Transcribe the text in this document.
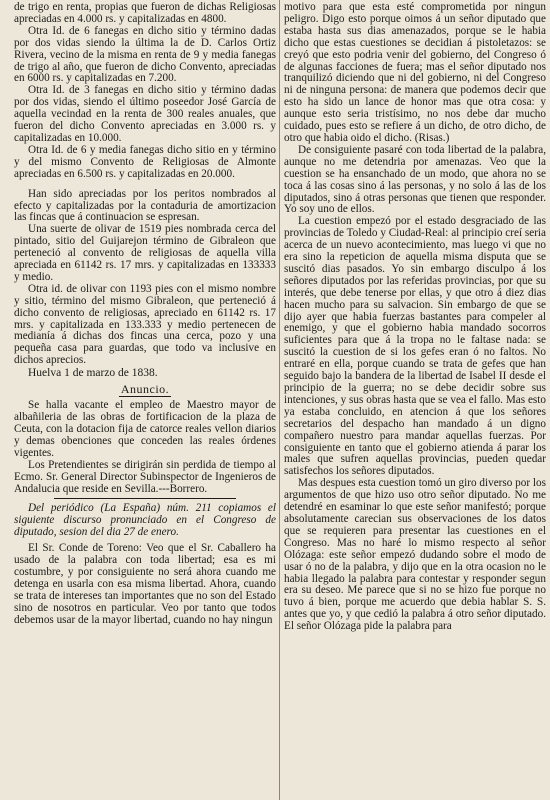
de trigo en renta, propias que fueron de dichas Religiosas apreciadas en 4.000 rs. y capitalizadas en 4800.

Otra Id. de 6 fanegas en dicho sitio y término dadas por dos vidas siendo la última la de D. Carlos Ortiz Rivera, vecino de la misma en renta de 9 y media fanegas de trigo al año, que fueron de dicho Convento, apreciadas en 6000 rs. y capitalizadas en 7.200.

Otra Id. de 3 fanegas en dicho sitio y término dadas por dos vidas, siendo el último poseedor José García de aquella vecindad en la renta de 300 reales anuales, que fueron del dicho Convento apreciadas en 3.000 rs. y capitalizadas en 10.000.

Otra Id. de 6 y media fanegas dicho sitio en y término y del mismo Convento de Religiosas de Almonte apreciadas en 6.500 rs. y capitalizadas en 20.000.

Han sido apreciadas por los peritos nombrados al efecto y capitalizadas por la contaduria de amortizacion las fincas que á continuacion se espresan.

Una suerte de olivar de 1519 pies nombrada cerca del pintado, sitio del Guijarejon término de Gibraleon que perteneció al convento de religiosas de aquella villa apreciada en 61142 rs. 17 mrs. y capitalizadas en 133333 y medio.

Otra id. de olivar con 1193 pies con el mismo nombre y sitio, término del mismo Gibraleon, que perteneció á dicho convento de religiosas, apreciado en 61142 rs. 17 mrs. y capitalizada en 133.333 y medio pertenecen de medianía á dichas dos fincas una cerca, pozo y una pequeña casa para guardas, que todo va inclusive en dichos aprecios.

Huelva 1 de marzo de 1838.

Anuncio.

Se halla vacante el empleo de Maestro mayor de albañileria de las obras de fortificacion de la plaza de Ceuta, con la dotacion fija de catorce reales vellon diarios y demas obenciones que conceden las reales órdenes vigentes.

Los Pretendientes se dirigirán sin perdida de tiempo al Ecmo. Sr. General Director Subinspector de Ingenieros de Andalucia que reside en Sevilla.---Borrero.

Del periódico (La España) núm. 211 copiamos el siguiente discurso pronunciado en el Congreso de diputado, sesion del dia 27 de enero.

El Sr. Conde de Toreno: Veo que el Sr. Caballero ha usado de la palabra con toda libertad; esa es mi costumbre, y por consiguiente no será ahora cuando me detenga en usarla con esa misma libertad. Ahora, cuando se trata de intereses tan importantes que no son del Estado sino de nosotros en particular. Veo por tanto que todos debemos usar de la mayor libertad, cuando no hay ningun

motivo para que esta esté comprometida por ningun peligro. Digo esto porque oimos á un señor diputado que estaba hasta sus dias amenazados, porque se le habia dicho que estas cuestiones se decidian á pistoletazos: se creyó que esto podria venir del gobierno, del Congreso ó de algunas facciones de fuera; mas el señor diputado nos tranquilizó diciendo que ni del gobierno, ni del Congreso ni de ninguna persona: de manera que podemos decir que esto ha sido un lance de honor mas que otra cosa: y aunque esto seria tristísimo, no nos debe dar mucho cuidado, pues esto se refiere á un dicho, de otro dicho, de otro que habia oido el dicho. (Risas.)

De consiguiente pasaré con toda libertad de la palabra, aunque no me detendria por amenazas. Veo que la cuestion se ha ensanchado de un modo, que ahora no se toca á las cosas sino á las personas, y no solo á las de los diputados, sino á otras personas que tienen que responder. Yo soy uno de ellos.

La cuestion empezó por el estado desgraciado de las provincias de Toledo y Ciudad-Real: al principio creí seria acerca de un nuevo acontecimiento, mas luego vi que no era sino la repeticion de aquella misma disputa que se suscitó dias pasados. Yo sin embargo disculpo á los señores diputados por las referidas provincias, por que su interés, que debe tenerse por ellas, y que otro á diez dias hacen mucho para su salvacion. Sin embargo de que se dijo ayer que habia fuerzas bastantes para compeler al enemigo, y que el gobierno habia mandado socorros suficientes para que á la tropa no le faltase nada: se suscitó la cuestion de si los gefes eran ó no faltos. No entraré en ella, porque cuando se trata de gefes que han seguido bajo la bandera de la libertad de Isabel II desde el principio de la guerra; no se debe decidir sobre sus intenciones, y sus obras hasta que se vea el fallo. Mas esto ya estaba concluido, en atencion á que los señores secretarios del despacho han mandado á un digno compañero nuestro para mandar aquellas fuerzas. Por consiguiente en tanto que el gobierno atienda á parar los males que sufren aquellas provincias, pueden quedar satisfechos los señores diputados.

Mas despues esta cuestion tomó un giro diverso por los argumentos de que hizo uso otro señor diputado. No me detendré en esaminar lo que este señor manifestó; porque absolutamente carecian sus observaciones de los datos que se requieren para presentar las cuestiones en el Congreso. Mas no haré lo mismo respecto al señor Olózaga: este señor empezó dudando sobre el modo de usar ó no de la palabra, y dijo que en la otra ocasion no le habia llegado la palabra para contestar y responder segun era su deseo. Me parece que si no se hizo fue porque no tuvo á bien, porque me acuerdo que debia hablar S. S. antes que yo, y que cedió la palabra á otro señor diputado. El señor Olózaga pide la palabra para
